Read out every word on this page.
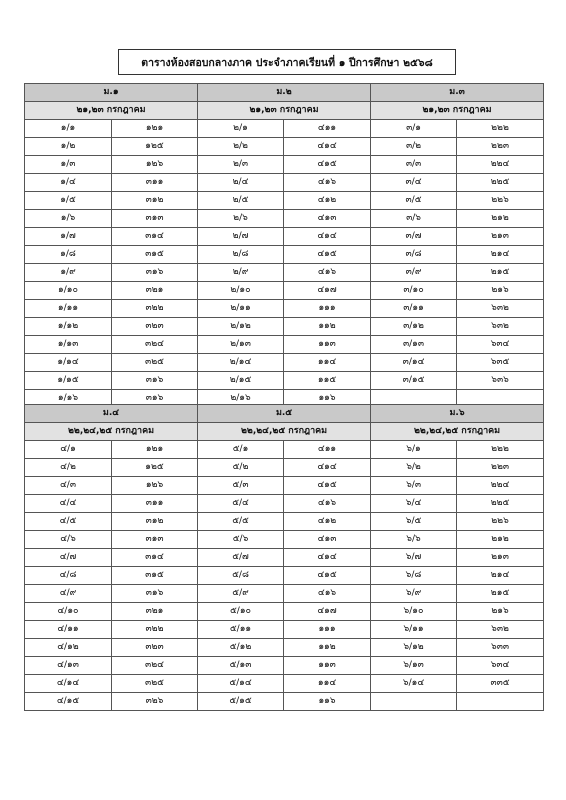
ตารางห้องสอบกลางภาค ประจำภาคเรียนที่ ๑ ปีการศึกษา ๒๕๖๘
ม.๑		ม.๒		ม.๓	
๒๑,๒๓ กรกฎาคม		๒๑,๒๓ กรกฎาคม		๒๑,๒๓ กรกฎาคม	
๑/๑	๑๒๑	๒/๑	๔๑๑	๓/๑	๒๒๒
๑/๒	๑๒๕	๒/๒	๔๑๔	๓/๒	๒๒๓
๑/๓	๑๒๖	๒/๓	๔๑๕	๓/๓	๒๒๔
๑/๔	๓๑๑	๒/๔	๔๑๖	๓/๔	๒๒๕
๑/๕	๓๑๒	๒/๕	๔๑๒	๓/๕	๒๒๖
๑/๖	๓๑๓	๒/๖	๔๑๓	๓/๖	๒๑๒
๑/๗	๓๑๔	๒/๗	๔๑๔	๓/๗	๒๑๓
๑/๘	๓๑๕	๒/๘	๔๑๕	๓/๘	๒๑๔
๑/๙	๓๑๖	๒/๙	๔๑๖	๓/๙	๒๑๕
๑/๑๐	๓๒๑	๒/๑๐	๔๑๗	๓/๑๐	๒๑๖
๑/๑๑	๓๒๒	๒/๑๑	๑๑๑	๓/๑๑	๖๓๒
๑/๑๒	๓๒๓	๒/๑๒	๑๑๒	๓/๑๒	๖๓๒
๑/๑๓	๓๒๔	๒/๑๓	๑๑๓	๓/๑๓	๖๓๔
๑/๑๔	๓๒๕	๒/๑๔	๑๑๔	๓/๑๔	๖๓๕
๑/๑๕	๓๑๖	๒/๑๕	๑๑๕	๓/๑๕	๖๓๖
๑/๑๖	๓๑๖	๒/๑๖	๑๑๖		
ม.๔		ม.๕		ม.๖	
๒๒,๒๔,๒๕ กรกฎาคม		๒๒,๒๔,๒๕ กรกฎาคม		๒๒,๒๔,๒๕ กรกฎาคม	
๔/๑	๑๒๑	๕/๑	๔๑๑	๖/๑	๒๒๒
๔/๒	๑๒๕	๕/๒	๔๑๔	๖/๒	๒๒๓
๔/๓	๑๒๖	๕/๓	๔๑๕	๖/๓	๒๒๔
๔/๔	๓๑๑	๕/๔	๔๑๖	๖/๔	๒๒๕
๔/๕	๓๑๒	๕/๕	๔๑๒	๖/๕	๒๒๖
๔/๖	๓๑๓	๕/๖	๔๑๓	๖/๖	๒๑๒
๔/๗	๓๑๔	๕/๗	๔๑๔	๖/๗	๒๑๓
๔/๘	๓๑๕	๕/๘	๔๑๕	๖/๘	๒๑๔
๔/๙	๓๑๖	๕/๙	๔๑๖	๖/๙	๒๑๕
๔/๑๐	๓๒๑	๕/๑๐	๔๑๗	๖/๑๐	๒๑๖
๔/๑๑	๓๒๒	๕/๑๑	๑๑๑	๖/๑๑	๖๓๒
๔/๑๒	๓๒๓	๕/๑๒	๑๑๒	๖/๑๒	๖๓๓
๔/๑๓	๓๒๔	๕/๑๓	๑๑๓	๖/๑๓	๖๓๔
๔/๑๔	๓๒๕	๕/๑๔	๑๑๔	๖/๑๔	๓๓๕
๔/๑๕	๓๒๖	๕/๑๕	๑๑๖		
